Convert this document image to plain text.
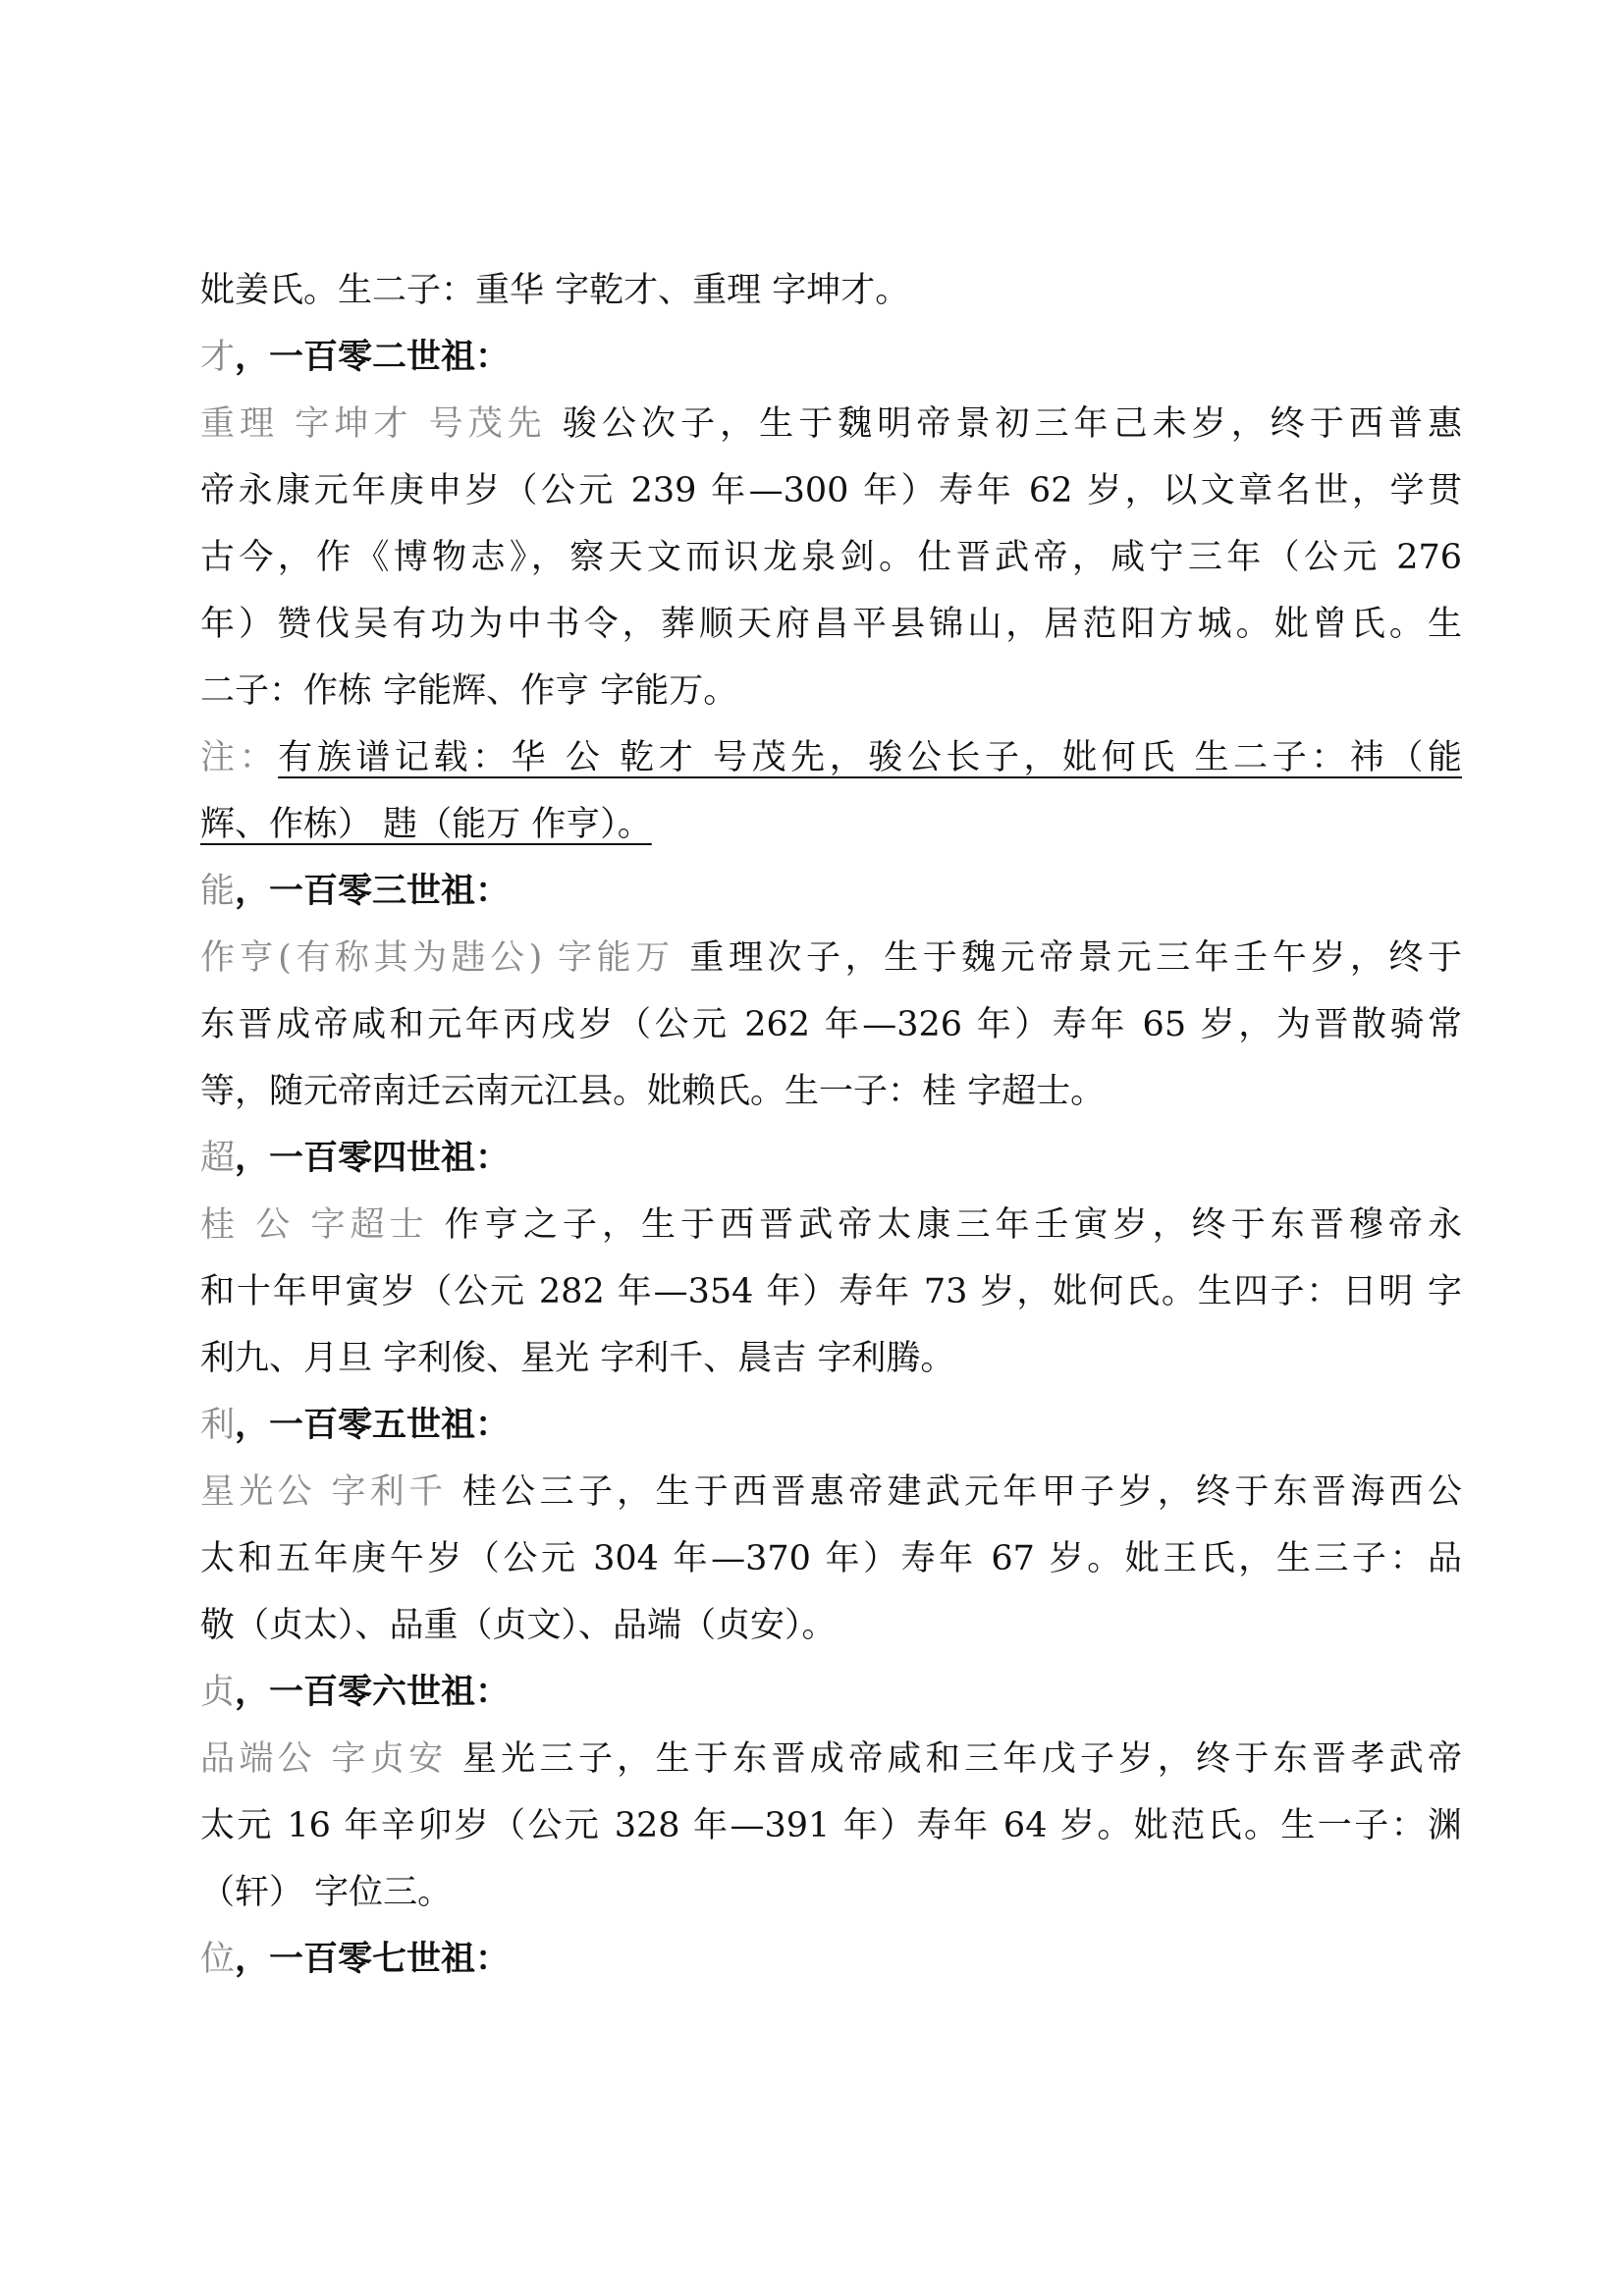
妣姜氏。生二子：重华 字乾才、重理 字坤才。
才，一百零二世祖：
重理 字坤才 号茂先 骏公次子，生于魏明帝景初三年己未岁，终于西普惠
帝永康元年庚申岁（公元 239 年—300 年）寿年 62 岁，以文章名世，学贯
古今，作《博物志》，察天文而识龙泉剑。仕晋武帝，咸宁三年（公元 276
年）赞伐吴有功为中书令，葬顺天府昌平县锦山，居范阳方城。妣曾氏。生
二子：作栋 字能辉、作亨 字能万。
注：有族谱记载：华 公 乾才 号茂先，骏公长子，妣何氏 生二子：祎（能
辉、作栋） 韪（能万 作亨）。
能，一百零三世祖：
作亨(有称其为韪公) 字能万 重理次子，生于魏元帝景元三年壬午岁，终于
东晋成帝咸和元年丙戌岁（公元 262 年—326 年）寿年 65 岁，为晋散骑常
等，随元帝南迁云南元江县。妣赖氏。生一子：桂 字超士。
超，一百零四世祖：
桂 公 字超士 作亨之子，生于西晋武帝太康三年壬寅岁，终于东晋穆帝永
和十年甲寅岁（公元 282 年—354 年）寿年 73 岁，妣何氏。生四子：日明 字
利九、月旦 字利俊、星光 字利千、晨吉 字利腾。
利，一百零五世祖：
星光公 字利千 桂公三子，生于西晋惠帝建武元年甲子岁，终于东晋海西公
太和五年庚午岁（公元 304 年—370 年）寿年 67 岁。妣王氏，生三子：品
敬（贞太）、品重（贞文）、品端（贞安）。
贞，一百零六世祖：
品端公 字贞安 星光三子，生于东晋成帝咸和三年戊子岁，终于东晋孝武帝
太元 16 年辛卯岁（公元 328 年—391 年）寿年 64 岁。妣范氏。生一子：渊
（轩） 字位三。
位，一百零七世祖：
